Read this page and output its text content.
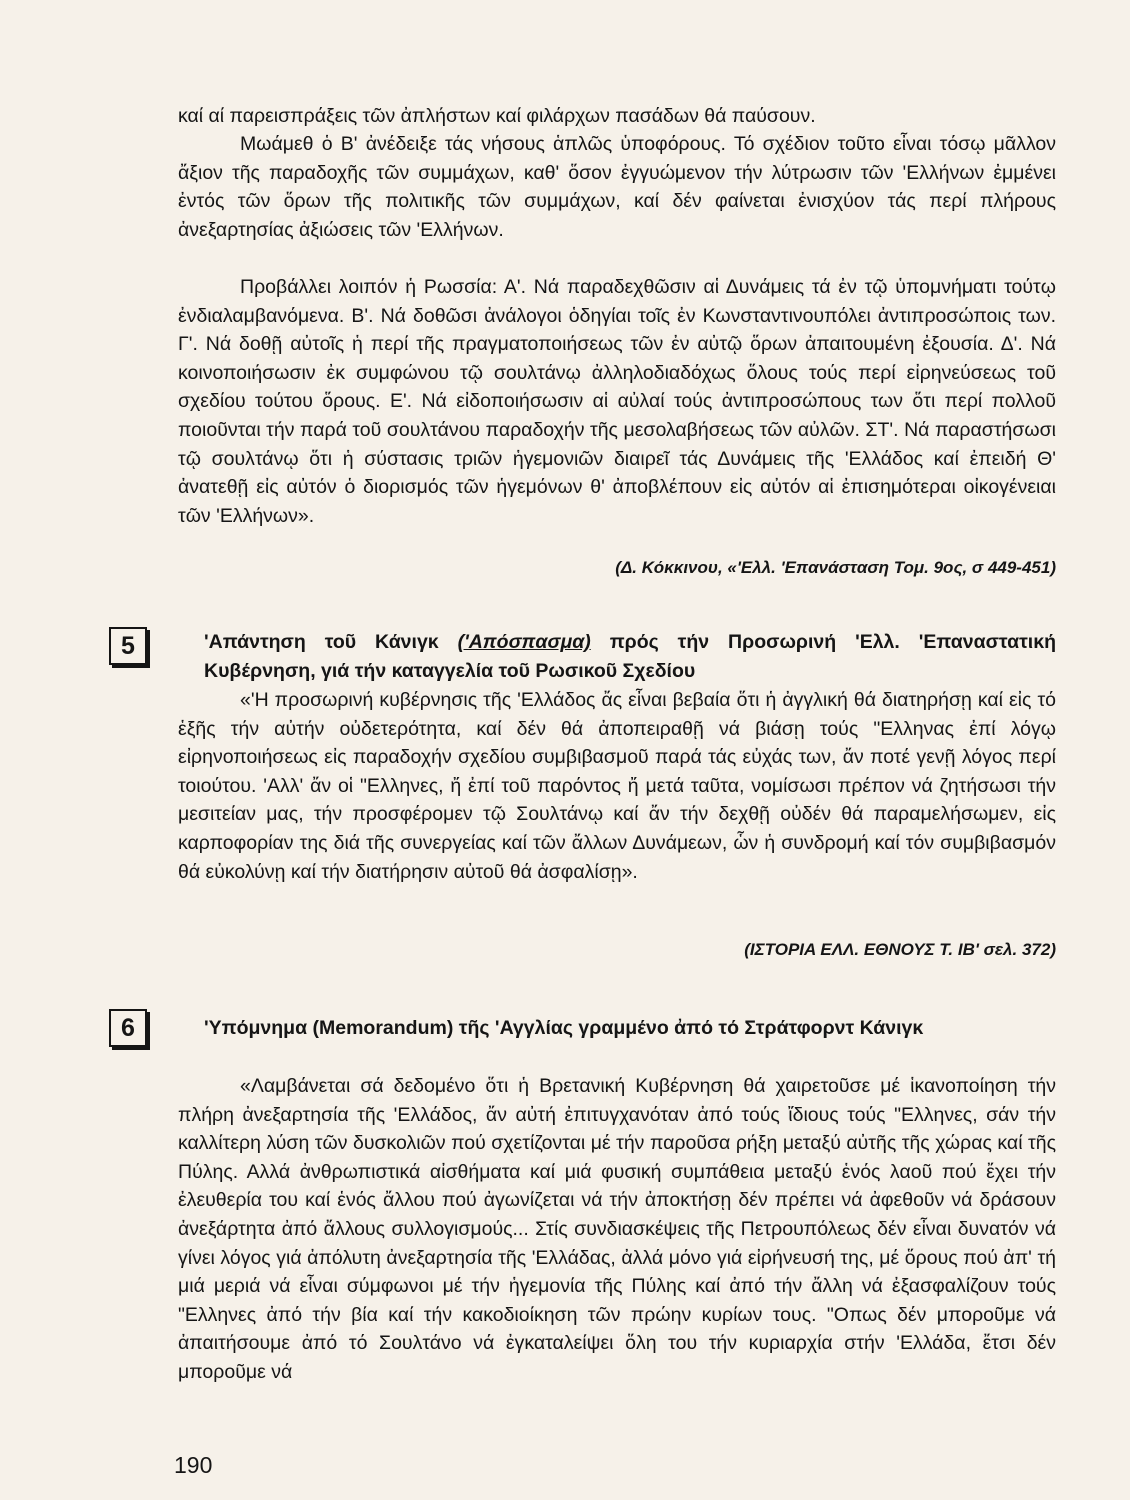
καί αί παρεισπράξεις τῶν ἀπλήστων καί φιλάρχων πασάδων θά παύσουν.

Μωάμεθ ὁ Β' ἀνέδειξε τάς νήσους ἁπλῶς ὑποφόρους. Τό σχέδιον τοῦτο εἶναι τόσῳ μᾶλλον ἄξιον τῆς παραδοχῆς τῶν συμμάχων, καθ' ὅσον ἐγγυώμενον τήν λύτρωσιν τῶν 'Ελλήνων ἐμμένει ἐντός τῶν ὅρων τῆς πολιτικῆς τῶν συμμάχων, καί δέν φαίνεται ἐνισχύον τάς περί πλήρους ἀνεξαρτησίας ἀξιώσεις τῶν 'Ελλήνων.

Προβάλλει λοιπόν ἡ Ρωσσία: Α'. Νά παραδεχθῶσιν αἱ Δυνάμεις τά ἐν τῷ ὑπομνήματι τούτῳ ἐνδιαλαμβανόμενα. Β'. Νά δοθῶσι ἀνάλογοι ὁδηγίαι τοῖς ἐν Κωνσταντινουπόλει ἀντιπροσώποις των. Γ'. Νά δοθῇ αὐτοῖς ἡ περί τῆς πραγματοποιήσεως τῶν ἐν αὐτῷ ὅρων ἀπαιτουμένη ἐξουσία. Δ'. Νά κοινοποιήσωσιν ἐκ συμφώνου τῷ σουλτάνῳ ἀλληλοδιαδόχως ὅλους τούς περί εἰρηνεύσεως τοῦ σχεδίου τούτου ὅρους. Ε'. Νά εἰδοποιήσωσιν αἱ αὐλαί τούς ἀντιπροσώπους των ὅτι περί πολλοῦ ποιοῦνται τήν παρά τοῦ σουλτάνου παραδοχήν τῆς μεσολαβήσεως τῶν αὐλῶν. ΣΤ'. Νά παραστήσωσι τῷ σουλτάνῳ ὅτι ἡ σύστασις τριῶν ἡγεμονιῶν διαιρεῖ τάς Δυνάμεις τῆς 'Ελλάδος καί ἐπειδή Θ' ἀνατεθῇ εἰς αὐτόν ὁ διορισμός τῶν ἡγεμόνων θ' ἀποβλέπουν εἰς αὐτόν αἱ ἐπισημότεραι οἰκογένειαι τῶν 'Ελλήνων».

(Δ. Κόκκινου, «'Ελλ. 'Επανάσταση Τομ. 9ος, σ 449-451)

5	'Απάντηση τοῦ Κάνιγκ ('Απόσπασμα) πρός τήν Προσωρινή 'Ελλ. 'Επαναστατική Κυβέρνηση, γιά τήν καταγγελία τοῦ Ρωσικοῦ Σχεδίου

«'Η προσωρινή κυβέρνησις τῆς 'Ελλάδος ἄς εἶναι βεβαία ὅτι ἡ ἀγγλική θά διατηρήσῃ καί εἰς τό ἑξῆς τήν αὐτήν οὐδετερότητα, καί δέν θά ἀποπειραθῇ νά βιάσῃ τούς "Ελληνας ἐπί λόγῳ εἰρηνοποιήσεως εἰς παραδοχήν σχεδίου συμβιβασμοῦ παρά τάς εὐχάς των, ἄν ποτέ γενῇ λόγος περί τοιούτου. 'Αλλ' ἄν οἱ "Ελληνες, ἤ ἐπί τοῦ παρόντος ἤ μετά ταῦτα, νομίσωσι πρέπον νά ζητήσωσι τήν μεσιτείαν μας, τήν προσφέρομεν τῷ Σουλτάνῳ καί ἄν τήν δεχθῇ οὐδέν θά παραμελήσωμεν, εἰς καρποφορίαν της διά τῆς συνεργείας καί τῶν ἄλλων Δυνάμεων, ὧν ἡ συνδρομή καί τόν συμβιβασμόν θά εὐκολύνῃ καί τήν διατήρησιν αὐτοῦ θά ἀσφαλίσῃ».

(ΙΣΤΟΡΙΑ ΕΛΛ. ΕΘΝΟΥΣ Τ. ΙΒ' σελ. 372)

6	'Υπόμνημα (Memorandum) τῆς 'Αγγλίας γραμμένο ἀπό τό Στράτφορντ Κάνιγκ

«Λαμβάνεται σά δεδομένο ὅτι ἡ Βρετανική Κυβέρνηση θά χαιρετοῦσε μέ ἱκανοποίηση τήν πλήρη ἀνεξαρτησία τῆς 'Ελλάδος, ἄν αὐτή ἐπιτυγχανόταν ἀπό τούς ἴδιους τούς "Ελληνες, σάν τήν καλλίτερη λύση τῶν δυσκολιῶν πού σχετίζονται μέ τήν παροῦσα ρήξη μεταξύ αὐτῆς τῆς χώρας καί τῆς Πύλης. Αλλά ἀνθρωπιστικά αἰσθήματα καί μιά φυσική συμπάθεια μεταξύ ἑνός λαοῦ πού ἔχει τήν ἐλευθερία του καί ἑνός ἄλλου πού ἀγωνίζεται νά τήν ἀποκτήσῃ δέν πρέπει νά ἀφεθοῦν νά δράσουν ἀνεξάρτητα ἀπό ἄλλους συλλογισμούς... Στίς συνδιασκέψεις τῆς Πετρουπόλεως δέν εἶναι δυνατόν νά γίνει λόγος γιά ἀπόλυτη ἀνεξαρτησία τῆς 'Ελλάδας, ἀλλά μόνο γιά εἰρήνευσή της, μέ ὅρους πού ἀπ' τή μιά μεριά νά εἶναι σύμφωνοι μέ τήν ἡγεμονία τῆς Πύλης καί ἀπό τήν ἄλλη νά ἐξασφαλίζουν τούς "Ελληνες ἀπό τήν βία καί τήν κακοδιοίκηση τῶν πρώην κυρίων τους. "Οπως δέν μποροῦμε νά ἀπαιτήσουμε ἀπό τό Σουλτάνο νά ἐγκαταλείψει ὅλη του τήν κυριαρχία στήν 'Ελλάδα, ἔτσι δέν μποροῦμε νά

190
